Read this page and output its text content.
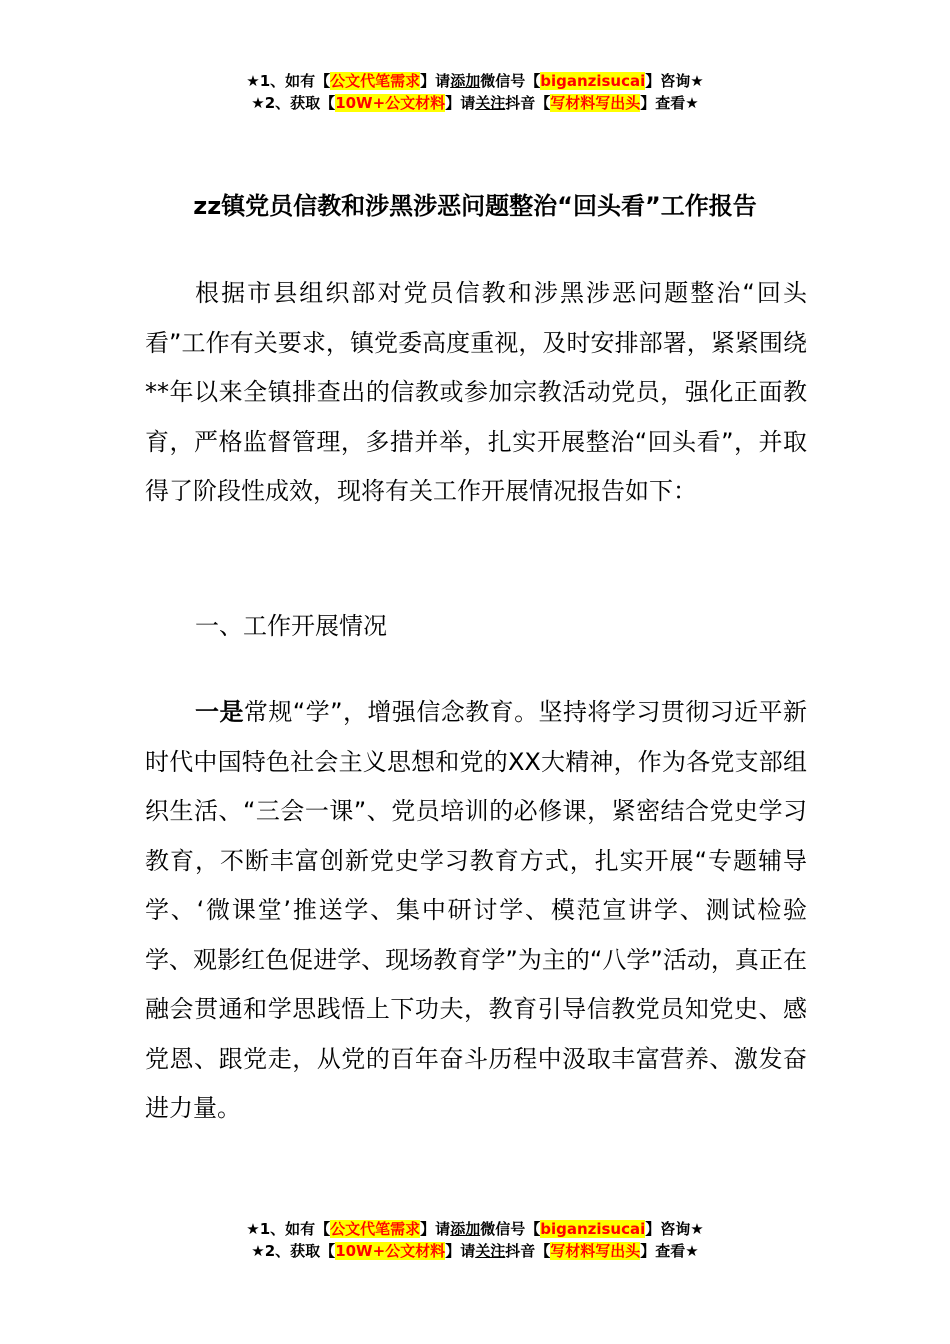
★1、如有【公文代笔需求】请添加微信号【biganzisucai】咨询★
★2、获取【10W+公文材料】请关注抖音【写材料写出头】查看★
zz镇党员信教和涉黑涉恶问题整治“回头看”工作报告
根据市县组织部对党员信教和涉黑涉恶问题整治“回头看”工作有关要求，镇党委高度重视，及时安排部署，紧紧围绕**年以来全镇排查出的信教或参加宗教活动党员，强化正面教育，严格监督管理，多措并举，扎实开展整治“回头看”，并取得了阶段性成效，现将有关工作开展情况报告如下：
一、工作开展情况
一是常规“学”，增强信念教育。坚持将学习贯彻习近平新时代中国特色社会主义思想和党的XX大精神，作为各党支部组织生活、“三会一课”、党员培训的必修课，紧密结合党史学习教育，不断丰富创新党史学习教育方式，扎实开展“专题辅导学、‘微课堂’推送学、集中研讨学、模范宣讲学、测试检验学、观影红色促进学、现场教育学”为主的“八学”活动，真正在融会贯通和学思践悟上下功夫，教育引导信教党员知党史、感党恩、跟党走，从党的百年奋斗历程中汲取丰富营养、激发奋进力量。
★1、如有【公文代笔需求】请添加微信号【biganzisucai】咨询★
★2、获取【10W+公文材料】请关注抖音【写材料写出头】查看★
